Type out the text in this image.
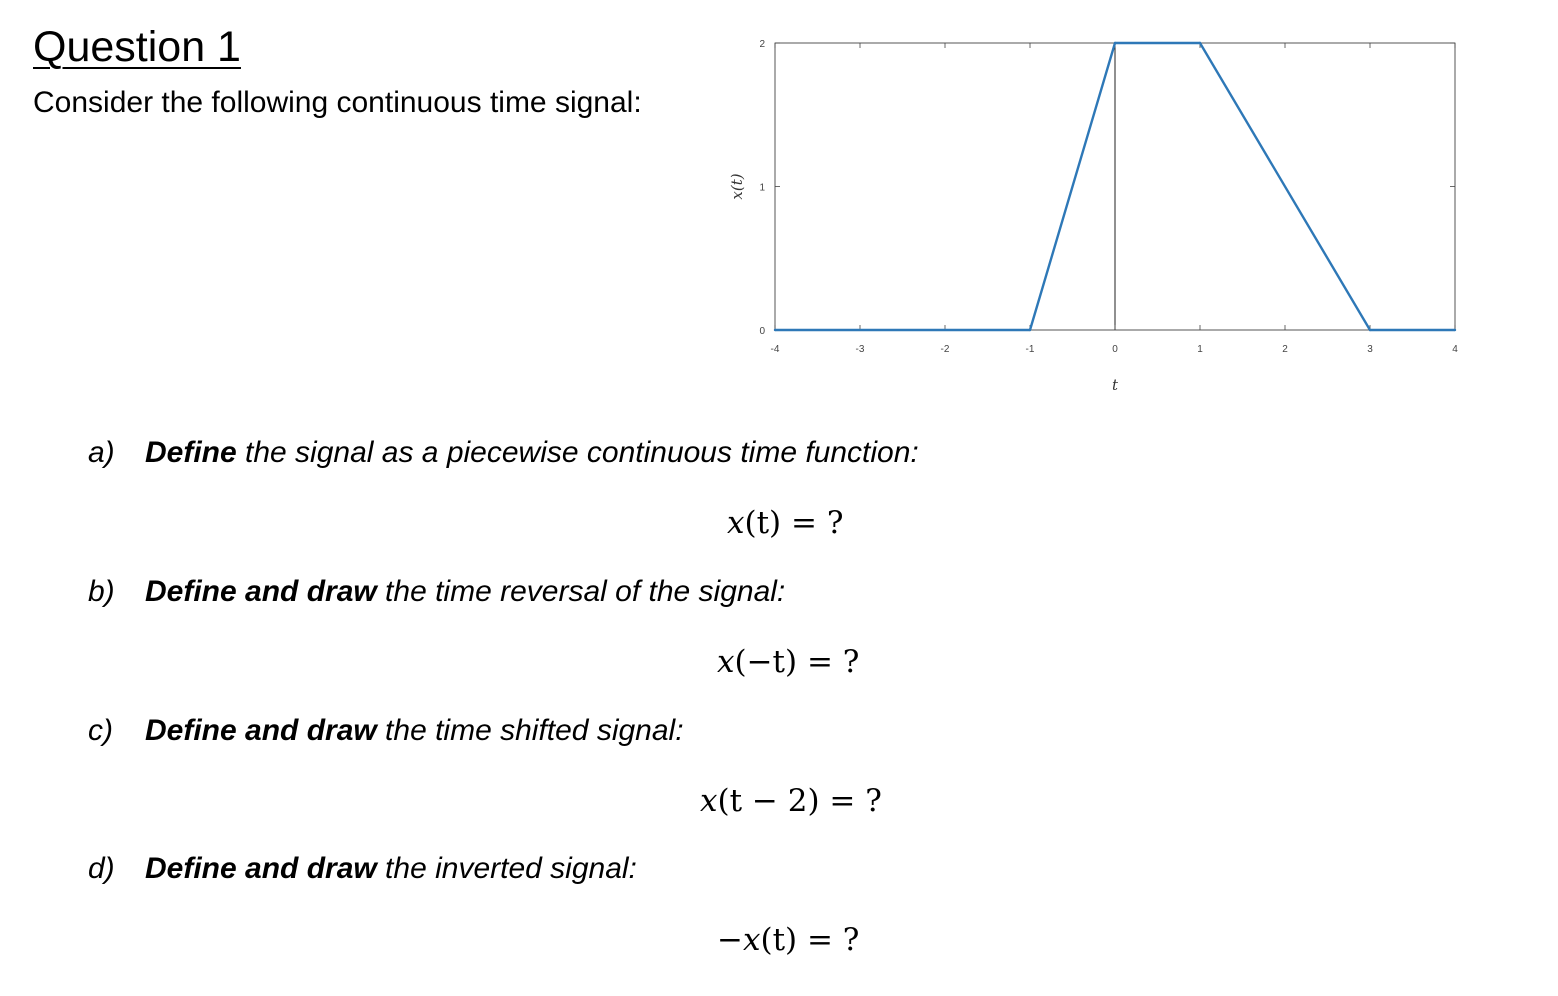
Question 1
Consider the following continuous time signal:
-4	-3	-2	-1	0	1	2	3	4
0
1
2
t
x(t)
a) Define the signal as a piecewise continuous time function:
x(t) = ?
b) Define and draw the time reversal of the signal:
x(−t) = ?
c) Define and draw the time shifted signal:
x(t − 2) = ?
d) Define and draw the inverted signal:
−x(t) = ?
